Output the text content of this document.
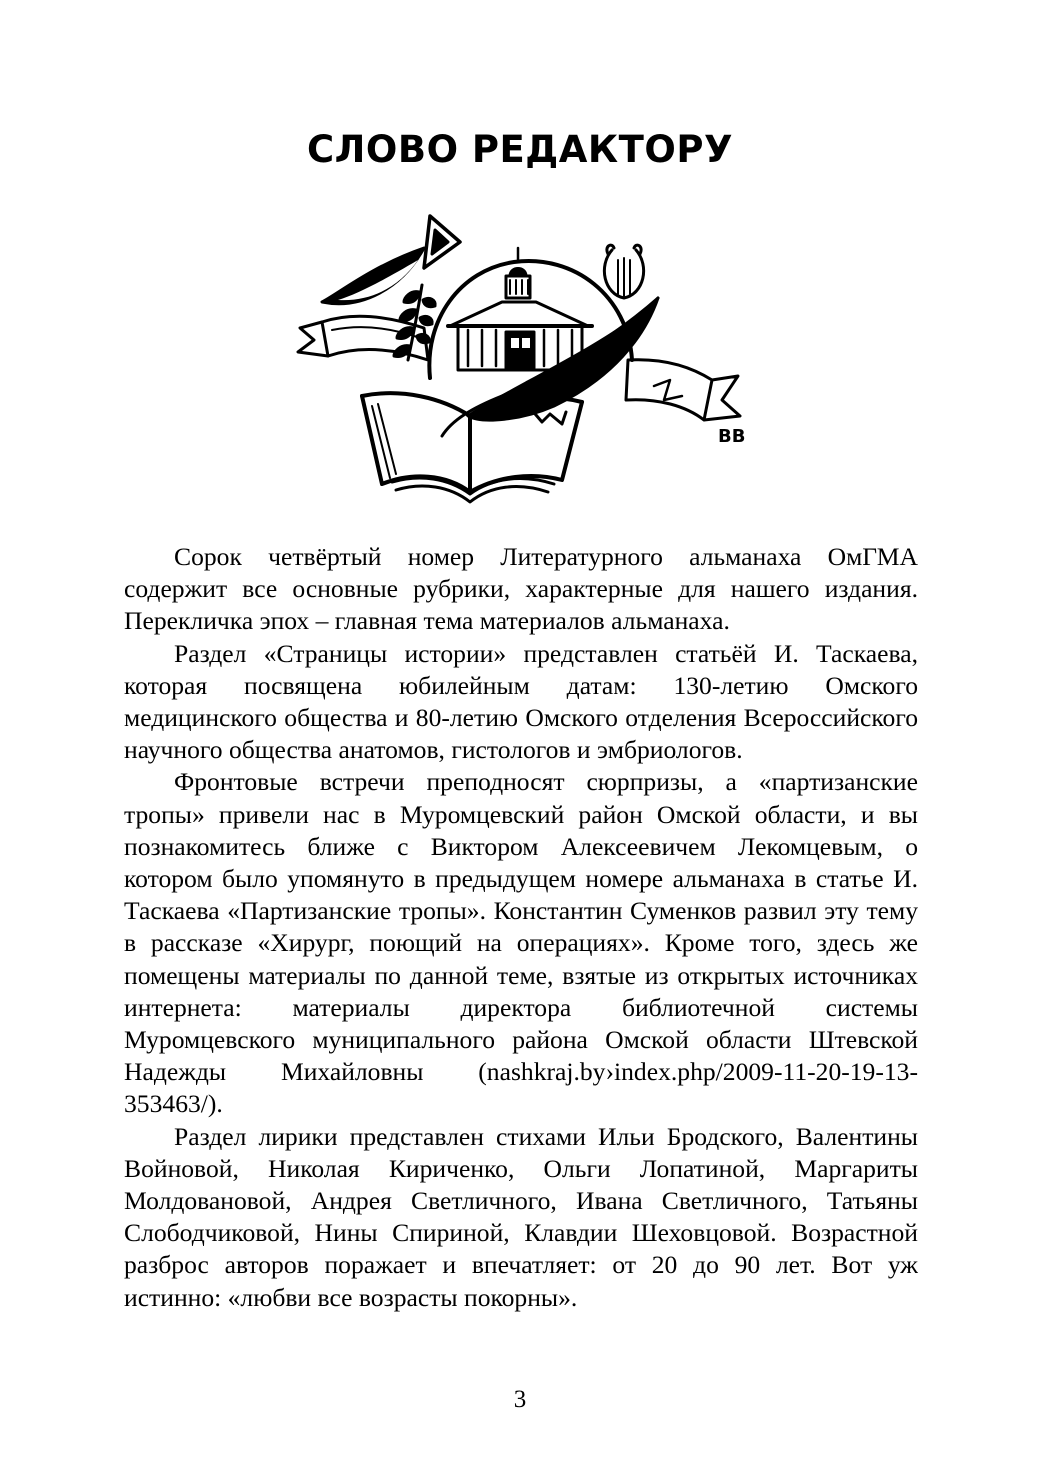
СЛОВО РЕДАКТОРУ
ВВ

Сорок четвёртый номер Литературного альманаха ОмГМА содержит все основные рубрики, характерные для нашего издания. Перекличка эпох – главная тема материалов альманаха.

Раздел «Страницы истории» представлен статьёй И. Таскаева, которая посвящена юбилейным датам: 130-летию Омского медицинского общества и 80-летию Омского отделения Всероссийского научного общества анатомов, гистологов и эмбриологов.

Фронтовые встречи преподносят сюрпризы, а «партизанские тропы» привели нас в Муромцевский район Омской области, и вы познакомитесь ближе с Виктором Алексеевичем Лекомцевым, о котором было упомянуто в предыдущем номере альманаха в статье И. Таскаева «Партизанские тропы». Константин Суменков развил эту тему в рассказе «Хирург, поющий на операциях». Кроме того, здесь же помещены материалы по данной теме, взятые из открытых источниках интернета: материалы директора библиотечной системы Муромцевского муниципального района Омской области Штевской Надежды Михайловны (nashkraj.by›index.php/2009-11-20-19-13-353463/).

Раздел лирики представлен стихами Ильи Бродского, Валентины Войновой, Николая Кириченко, Ольги Лопатиной, Маргариты Молдовановой, Андрея Светличного, Ивана Светличного, Татьяны Слободчиковой, Нины Спириной, Клавдии Шеховцовой. Возрастной разброс авторов поражает и впечатляет: от 20 до 90 лет. Вот уж истинно: «любви все возрасты покорны».

3
